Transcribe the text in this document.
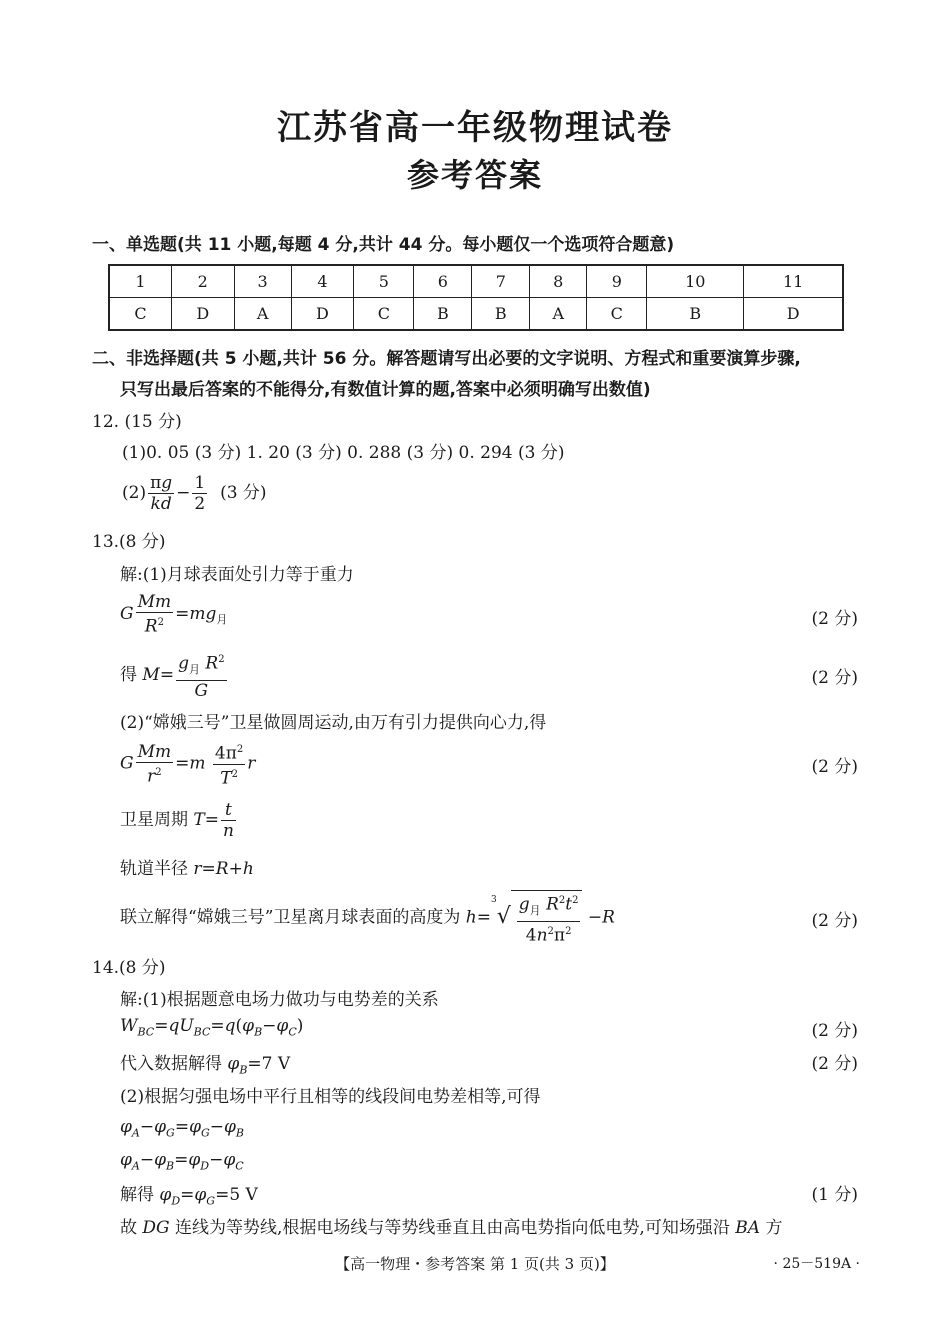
江苏省高一年级物理试卷
参考答案
一、单选题(共 11 小题,每题 4 分,共计 44 分。每小题仅一个选项符合题意)
1	2	3	4	5	6	7	8	9	10	11
C	D	A	D	C	B	B	A	C	B	D
二、非选择题(共 5 小题,共计 56 分。解答题请写出必要的文字说明、方程式和重要演算步骤,
只写出最后答案的不能得分,有数值计算的题,答案中必须明确写出数值)
12. (15 分)
(1)0. 05 (3 分) 1. 20 (3 分) 0. 288 (3 分) 0. 294 (3 分)
$(2) \frac{\pi g}{kd} - \frac{1}{2} (3$ 分)
13.(8 分)
解:(1)月球表面处引力等于重力
G $\frac{Mm}{R^2} =mg_月$	(2 分)
得 $M= \frac{g_月 R^2}{G}$	(2 分)
(2)“嫦娥三号”卫星做圆周运动,由万有引力提供向心力,得
G $\frac{Mm}{r^2} =m \frac{4\pi^2}{T^2}$ r	(2 分)
卫星周期 $T= \frac{t}{n}$
轨道半径 r=R+h
联立解得“嫦娥三号”卫星离月球表面的高度为 $h=^3√ \frac{g_月 R^2t^2}{4n^2\pi^2} -R$	(2 分)
14.(8 分)
解:(1)根据题意电场力做功与电势差的关系
$W_{BC}=qU_{BC}=q(\varphi_B-\varphi_C)$	(2 分)
代入数据解得 $\varphi_B=7$ V	(2 分)
(2)根据匀强电场中平行且相等的线段间电势差相等,可得
$\varphi_A-\varphi_G=\varphi_G-\varphi_B$
$\varphi_A-\varphi_B=\varphi_D-\varphi_C$
解得 $\varphi_D=\varphi_G=5$ V	(1 分)
故 DG 连线为等势线,根据电场线与等势线垂直且由高电势指向低电势,可知场强沿 BA 方
【高一物理・参考答案 第 1 页(共 3 页)】	· 25－519A ·
